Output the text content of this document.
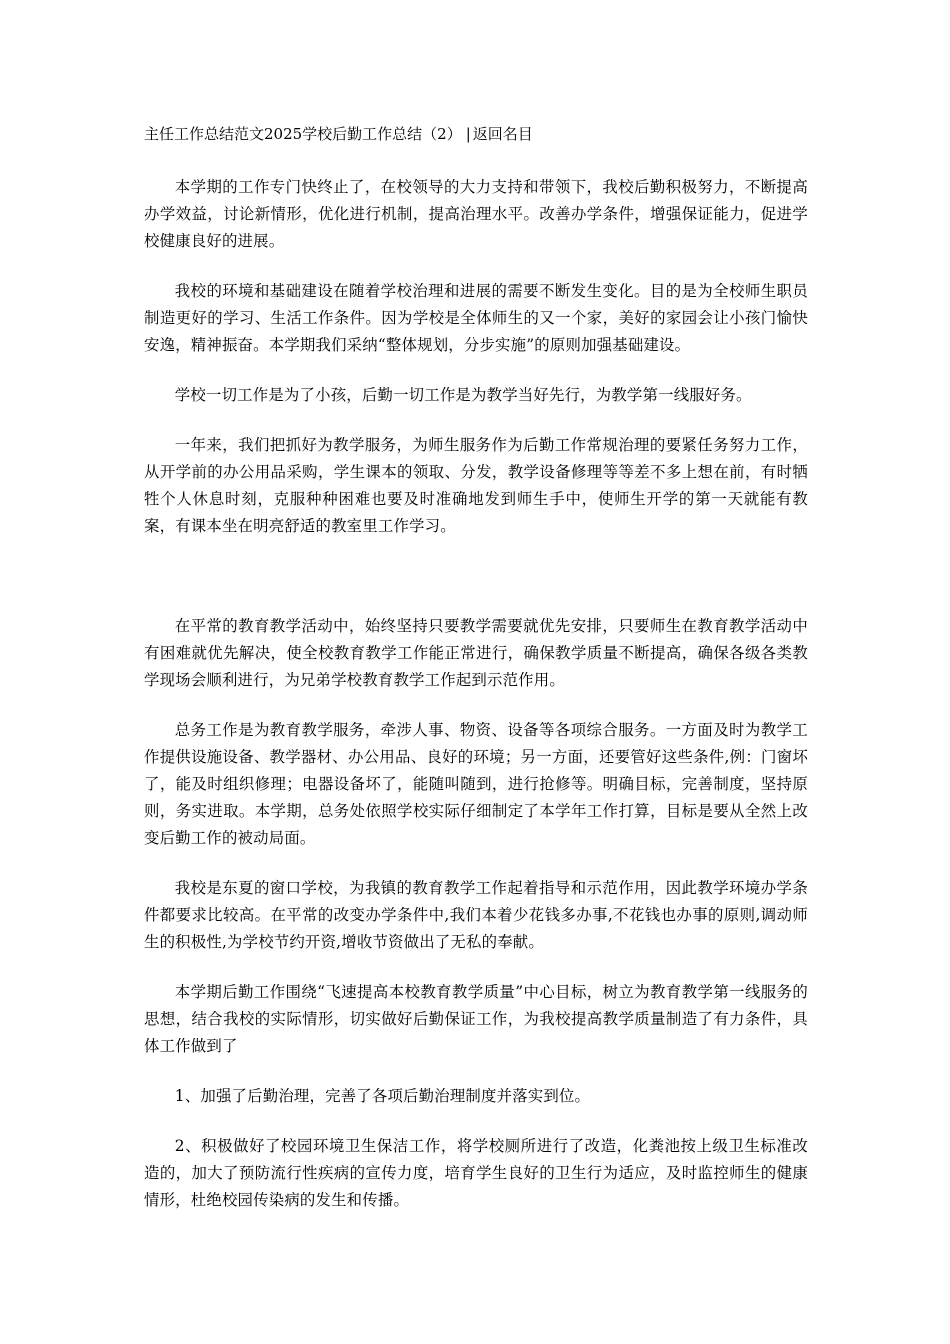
主任工作总结范文2025学校后勤工作总结（2） | 返回名目

本学期的工作专门快终止了，在校领导的大力支持和带领下，我校后勤积极努力，不断提高办学效益，讨论新情形，优化进行机制，提高治理水平。改善办学条件，增强保证能力，促进学校健康良好的进展。

我校的环境和基础建设在随着学校治理和进展的需要不断发生变化。目的是为全校师生职员制造更好的学习、生活工作条件。因为学校是全体师生的又一个家，美好的家园会让小孩门愉快安逸，精神振奋。本学期我们采纳“整体规划，分步实施”的原则加强基础建设。

学校一切工作是为了小孩，后勤一切工作是为教学当好先行，为教学第一线服好务。

一年来，我们把抓好为教学服务，为师生服务作为后勤工作常规治理的要紧任务努力工作，从开学前的办公用品采购，学生课本的领取、分发，教学设备修理等等差不多上想在前，有时牺牲个人休息时刻，克服种种困难也要及时准确地发到师生手中，使师生开学的第一天就能有教案，有课本坐在明亮舒适的教室里工作学习。

在平常的教育教学活动中，始终坚持只要教学需要就优先安排，只要师生在教育教学活动中有困难就优先解决，使全校教育教学工作能正常进行，确保教学质量不断提高，确保各级各类教学现场会顺利进行，为兄弟学校教育教学工作起到示范作用。

总务工作是为教育教学服务，牵涉人事、物资、设备等各项综合服务。一方面及时为教学工作提供设施设备、教学器材、办公用品、良好的环境；另一方面，还要管好这些条件,例：门窗坏了，能及时组织修理；电器设备坏了，能随叫随到，进行抢修等。明确目标，完善制度，坚持原则，务实进取。本学期，总务处依照学校实际仔细制定了本学年工作打算，目标是要从全然上改变后勤工作的被动局面。

我校是东夏的窗口学校，为我镇的教育教学工作起着指导和示范作用，因此教学环境办学条件都要求比较高。在平常的改变办学条件中,我们本着少花钱多办事,不花钱也办事的原则,调动师生的积极性,为学校节约开资,增收节资做出了无私的奉献。

本学期后勤工作围绕“飞速提高本校教育教学质量”中心目标，树立为教育教学第一线服务的思想，结合我校的实际情形，切实做好后勤保证工作，为我校提高教学质量制造了有力条件，具体工作做到了

1、加强了后勤治理，完善了各项后勤治理制度并落实到位。

2、积极做好了校园环境卫生保洁工作，将学校厕所进行了改造，化粪池按上级卫生标准改造的，加大了预防流行性疾病的宣传力度，培育学生良好的卫生行为适应，及时监控师生的健康情形，杜绝校园传染病的发生和传播。
